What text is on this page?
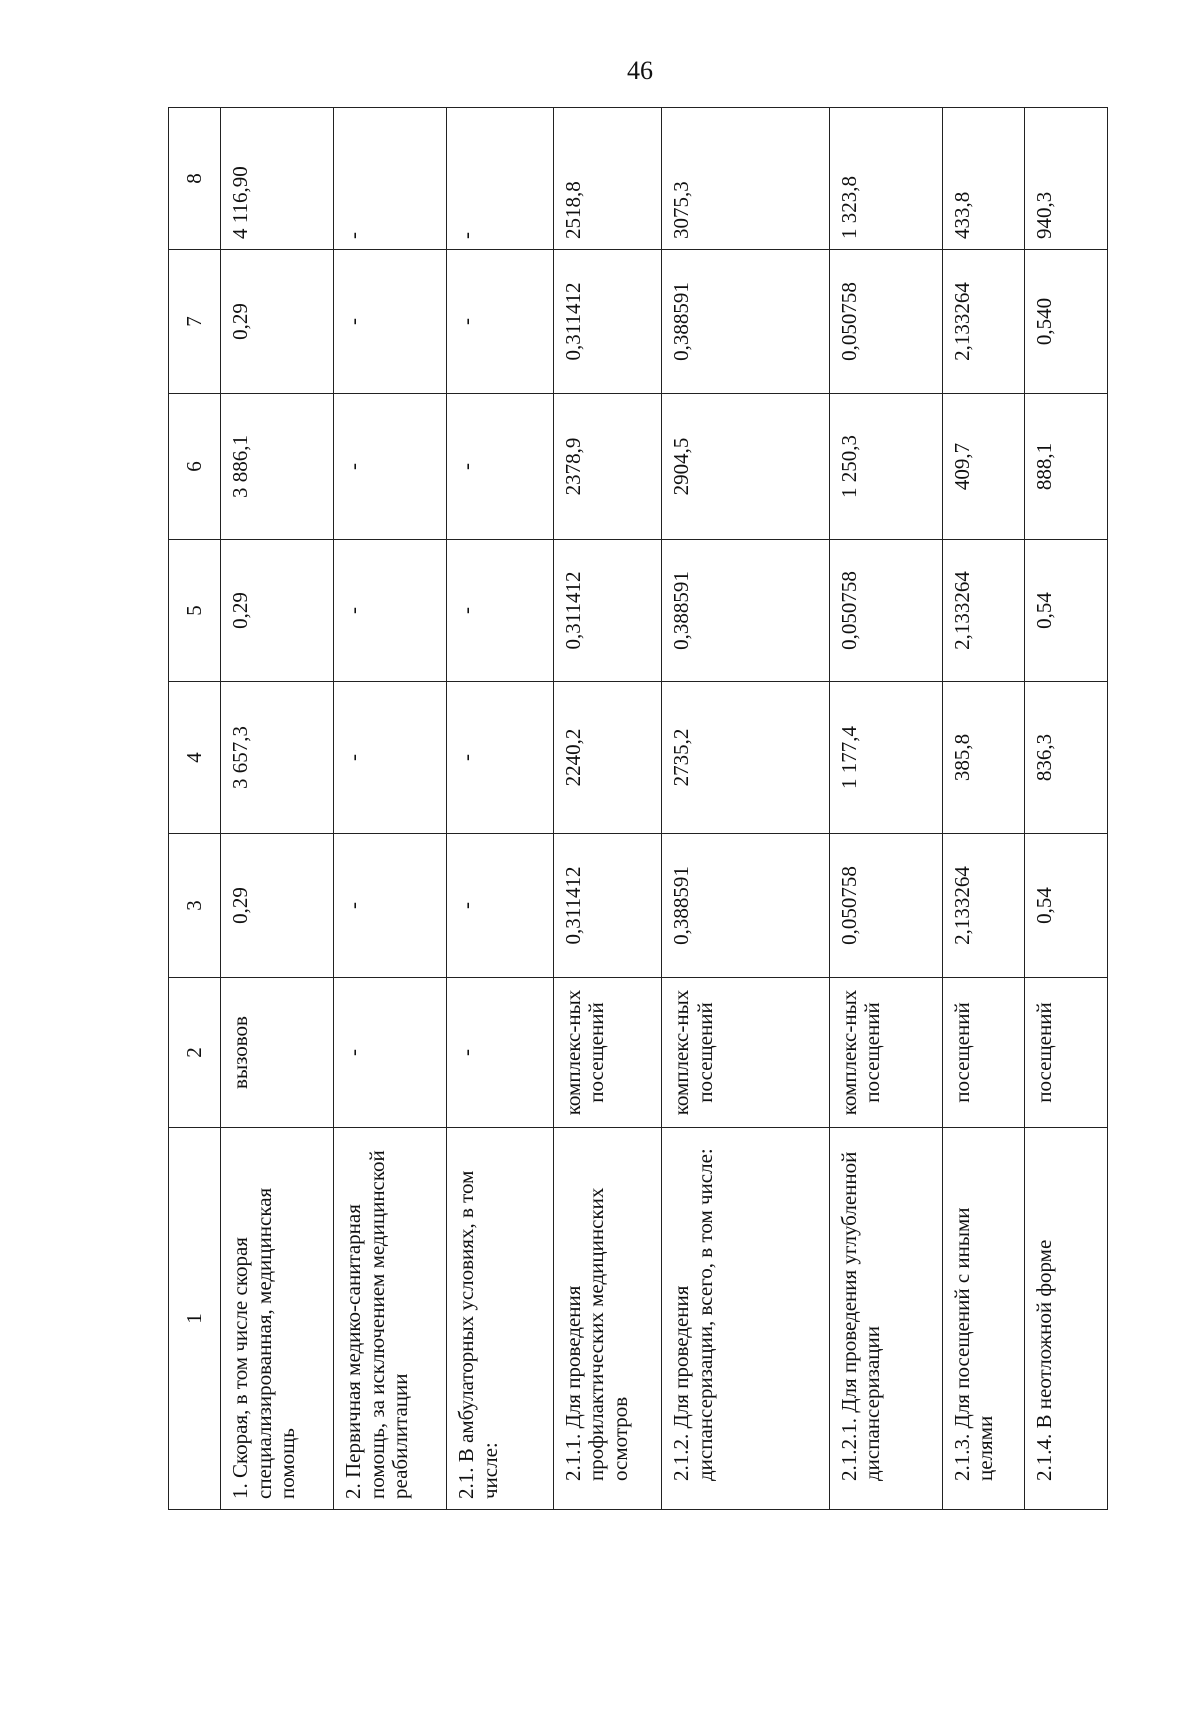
46
1	2	3	4	5	6	7	8
1. Скорая, в том числе скорая специализированная, медицинская помощь	вызовов	0,29	3 657,3	0,29	3 886,1	0,29	4 116,90
2. Первичная медико-санитарная помощь, за исключением медицинской реабилитации	-	-	-	-	-	-	-
2.1. В амбулаторных условиях, в том числе:	-	-	-	-	-	-	-
2.1.1. Для проведения профилактических медицинских осмотров	комплекс-ных посещений	0,311412	2240,2	0,311412	2378,9	0,311412	2518,8
2.1.2. Для проведения диспансеризации, всего, в том числе:	комплекс-ных посещений	0,388591	2735,2	0,388591	2904,5	0,388591	3075,3
2.1.2.1. Для проведения углубленной диспансеризации	комплекс-ных посещений	0,050758	1 177,4	0,050758	1 250,3	0,050758	1 323,8
2.1.3. Для посещений с иными целями	посещений	2,133264	385,8	2,133264	409,7	2,133264	433,8
2.1.4. В неотложной форме	посещений	0,54	836,3	0,54	888,1	0,540	940,3
